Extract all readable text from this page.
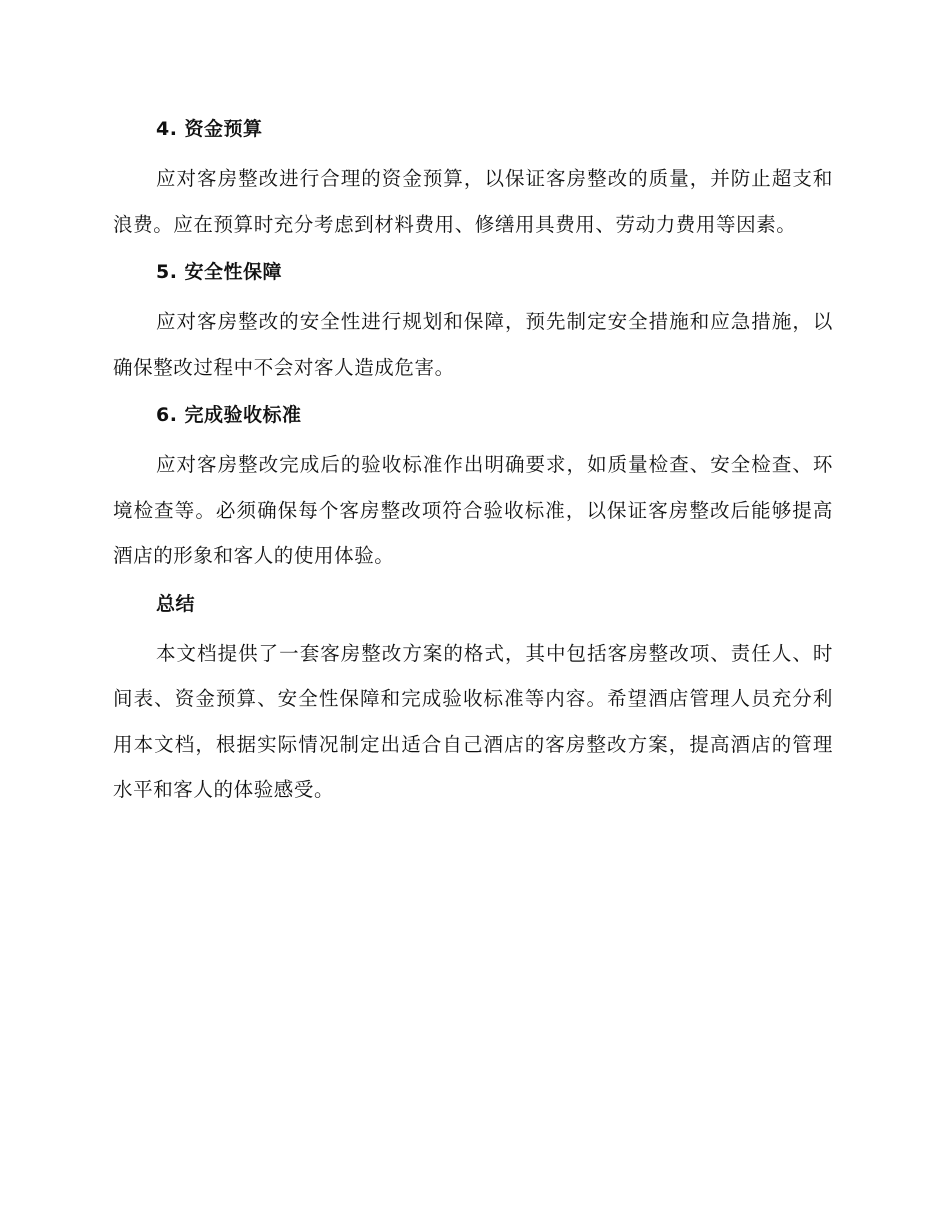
4. 资金预算

应对客房整改进行合理的资金预算，以保证客房整改的质量，并防止超支和浪费。应在预算时充分考虑到材料费用、修缮用具费用、劳动力费用等因素。

5. 安全性保障

应对客房整改的安全性进行规划和保障，预先制定安全措施和应急措施，以确保整改过程中不会对客人造成危害。

6. 完成验收标准

应对客房整改完成后的验收标准作出明确要求，如质量检查、安全检查、环境检查等。必须确保每个客房整改项符合验收标准，以保证客房整改后能够提高酒店的形象和客人的使用体验。

总结

本文档提供了一套客房整改方案的格式，其中包括客房整改项、责任人、时间表、资金预算、安全性保障和完成验收标准等内容。希望酒店管理人员充分利用本文档，根据实际情况制定出适合自己酒店的客房整改方案，提高酒店的管理水平和客人的体验感受。
